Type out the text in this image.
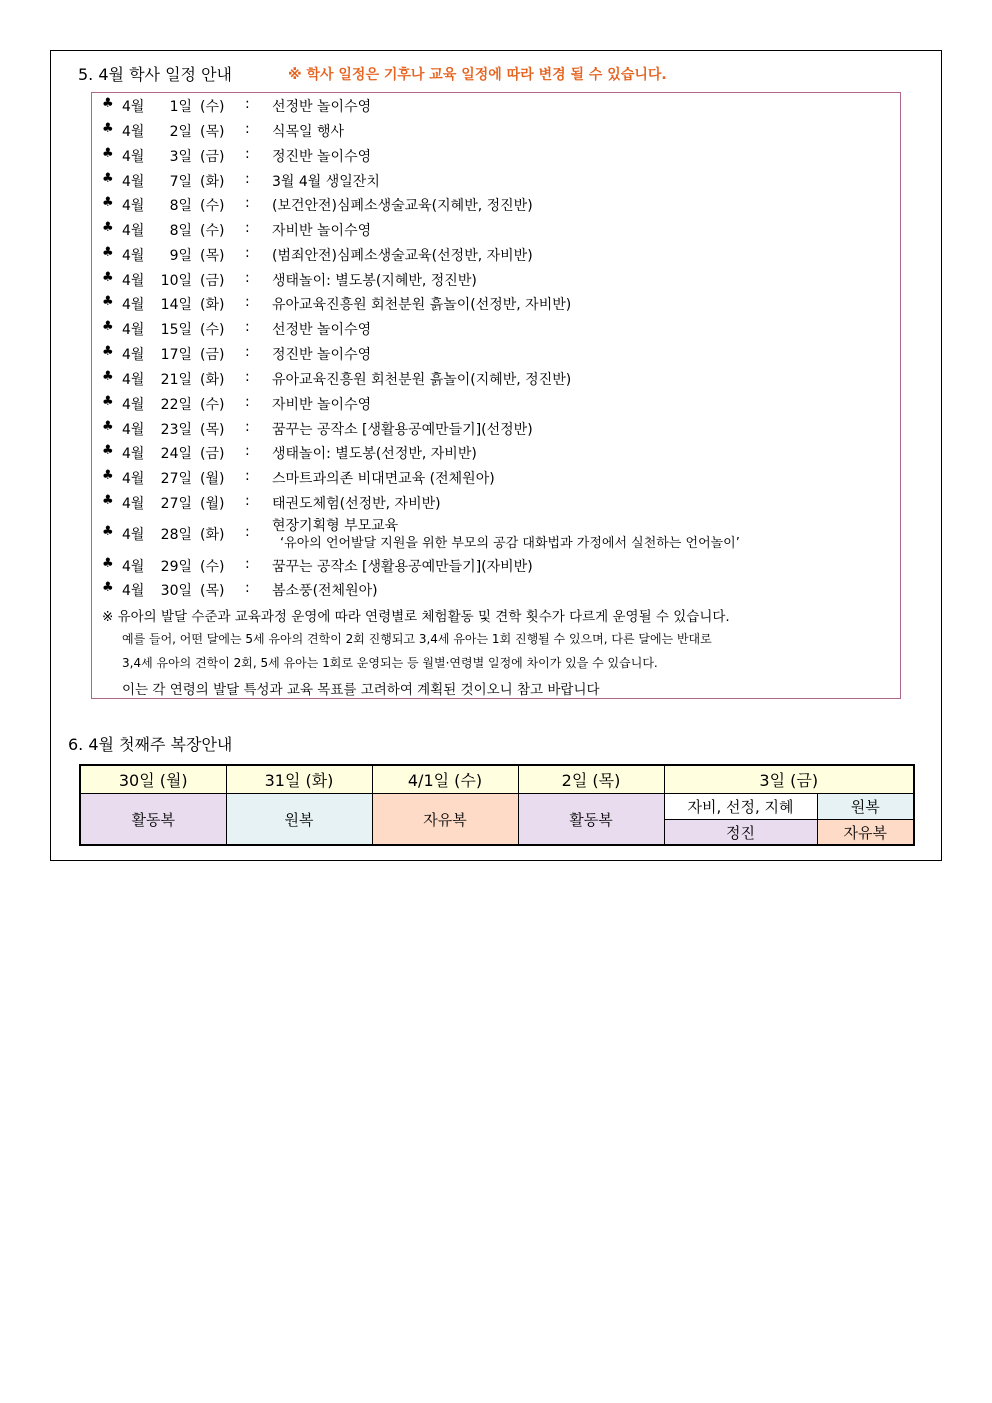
5. 4월 학사 일정 안내	※ 학사 일정은 기후나 교육 일정에 따라 변경 될 수 있습니다.
♣ 4월	1일 (수) : 선정반 놀이수영
♣ 4월	2일 (목) : 식목일 행사
♣ 4월	3일 (금) : 정진반 놀이수영
♣ 4월	7일 (화) : 3월 4월 생일잔치
♣ 4월	8일 (수) : (보건안전)심폐소생술교육(지혜반, 정진반)
♣ 4월	8일 (수) : 자비반 놀이수영
♣ 4월	9일 (목) : (범죄안전)심폐소생술교육(선정반, 자비반)
♣ 4월	10일 (금) : 생태놀이: 별도봉(지혜반, 정진반)
♣ 4월	14일 (화) : 유아교육진흥원 회천분원 흙놀이(선정반, 자비반)
♣ 4월	15일 (수) : 선정반 놀이수영
♣ 4월	17일 (금) : 정진반 놀이수영
♣ 4월	21일 (화) : 유아교육진흥원 회천분원 흙놀이(지혜반, 정진반)
♣ 4월	22일 (수) : 자비반 놀이수영
♣ 4월	23일 (목) : 꿈꾸는 공작소 [생활용공예만들기](선정반)
♣ 4월	24일 (금) : 생태놀이: 별도봉(선정반, 자비반)
♣ 4월	27일 (월) : 스마트과의존 비대면교육 (전체원아)
♣ 4월	27일 (월) : 태권도체험(선정반, 자비반)
♣ 4월	28일 (화) : 현장기획형 부모교육
‘유아의 언어발달 지원을 위한 부모의 공감 대화법과 가정에서 실천하는 언어놀이’
♣ 4월	29일 (수) : 꿈꾸는 공작소 [생활용공예만들기](자비반)
♣ 4월	30일 (목) : 봄소풍(전체원아)
※ 유아의 발달 수준과 교육과정 운영에 따라 연령별로 체험활동 및 견학 횟수가 다르게 운영될 수 있습니다.
예를 들어, 어떤 달에는 5세 유아의 견학이 2회 진행되고 3,4세 유아는 1회 진행될 수 있으며, 다른 달에는 반대로
3,4세 유아의 견학이 2회, 5세 유아는 1회로 운영되는 등 월별·연령별 일정에 차이가 있을 수 있습니다.
이는 각 연령의 발달 특성과 교육 목표를 고려하여 계획된 것이오니 참고 바랍니다
6. 4월 첫째주 복장안내
30일 (월)	31일 (화)	4/1일 (수)	2일 (목)	3일 (금)	
활동복	원복	자유복	활동복	자비, 선정, 지혜	원복
				정진	자유복
